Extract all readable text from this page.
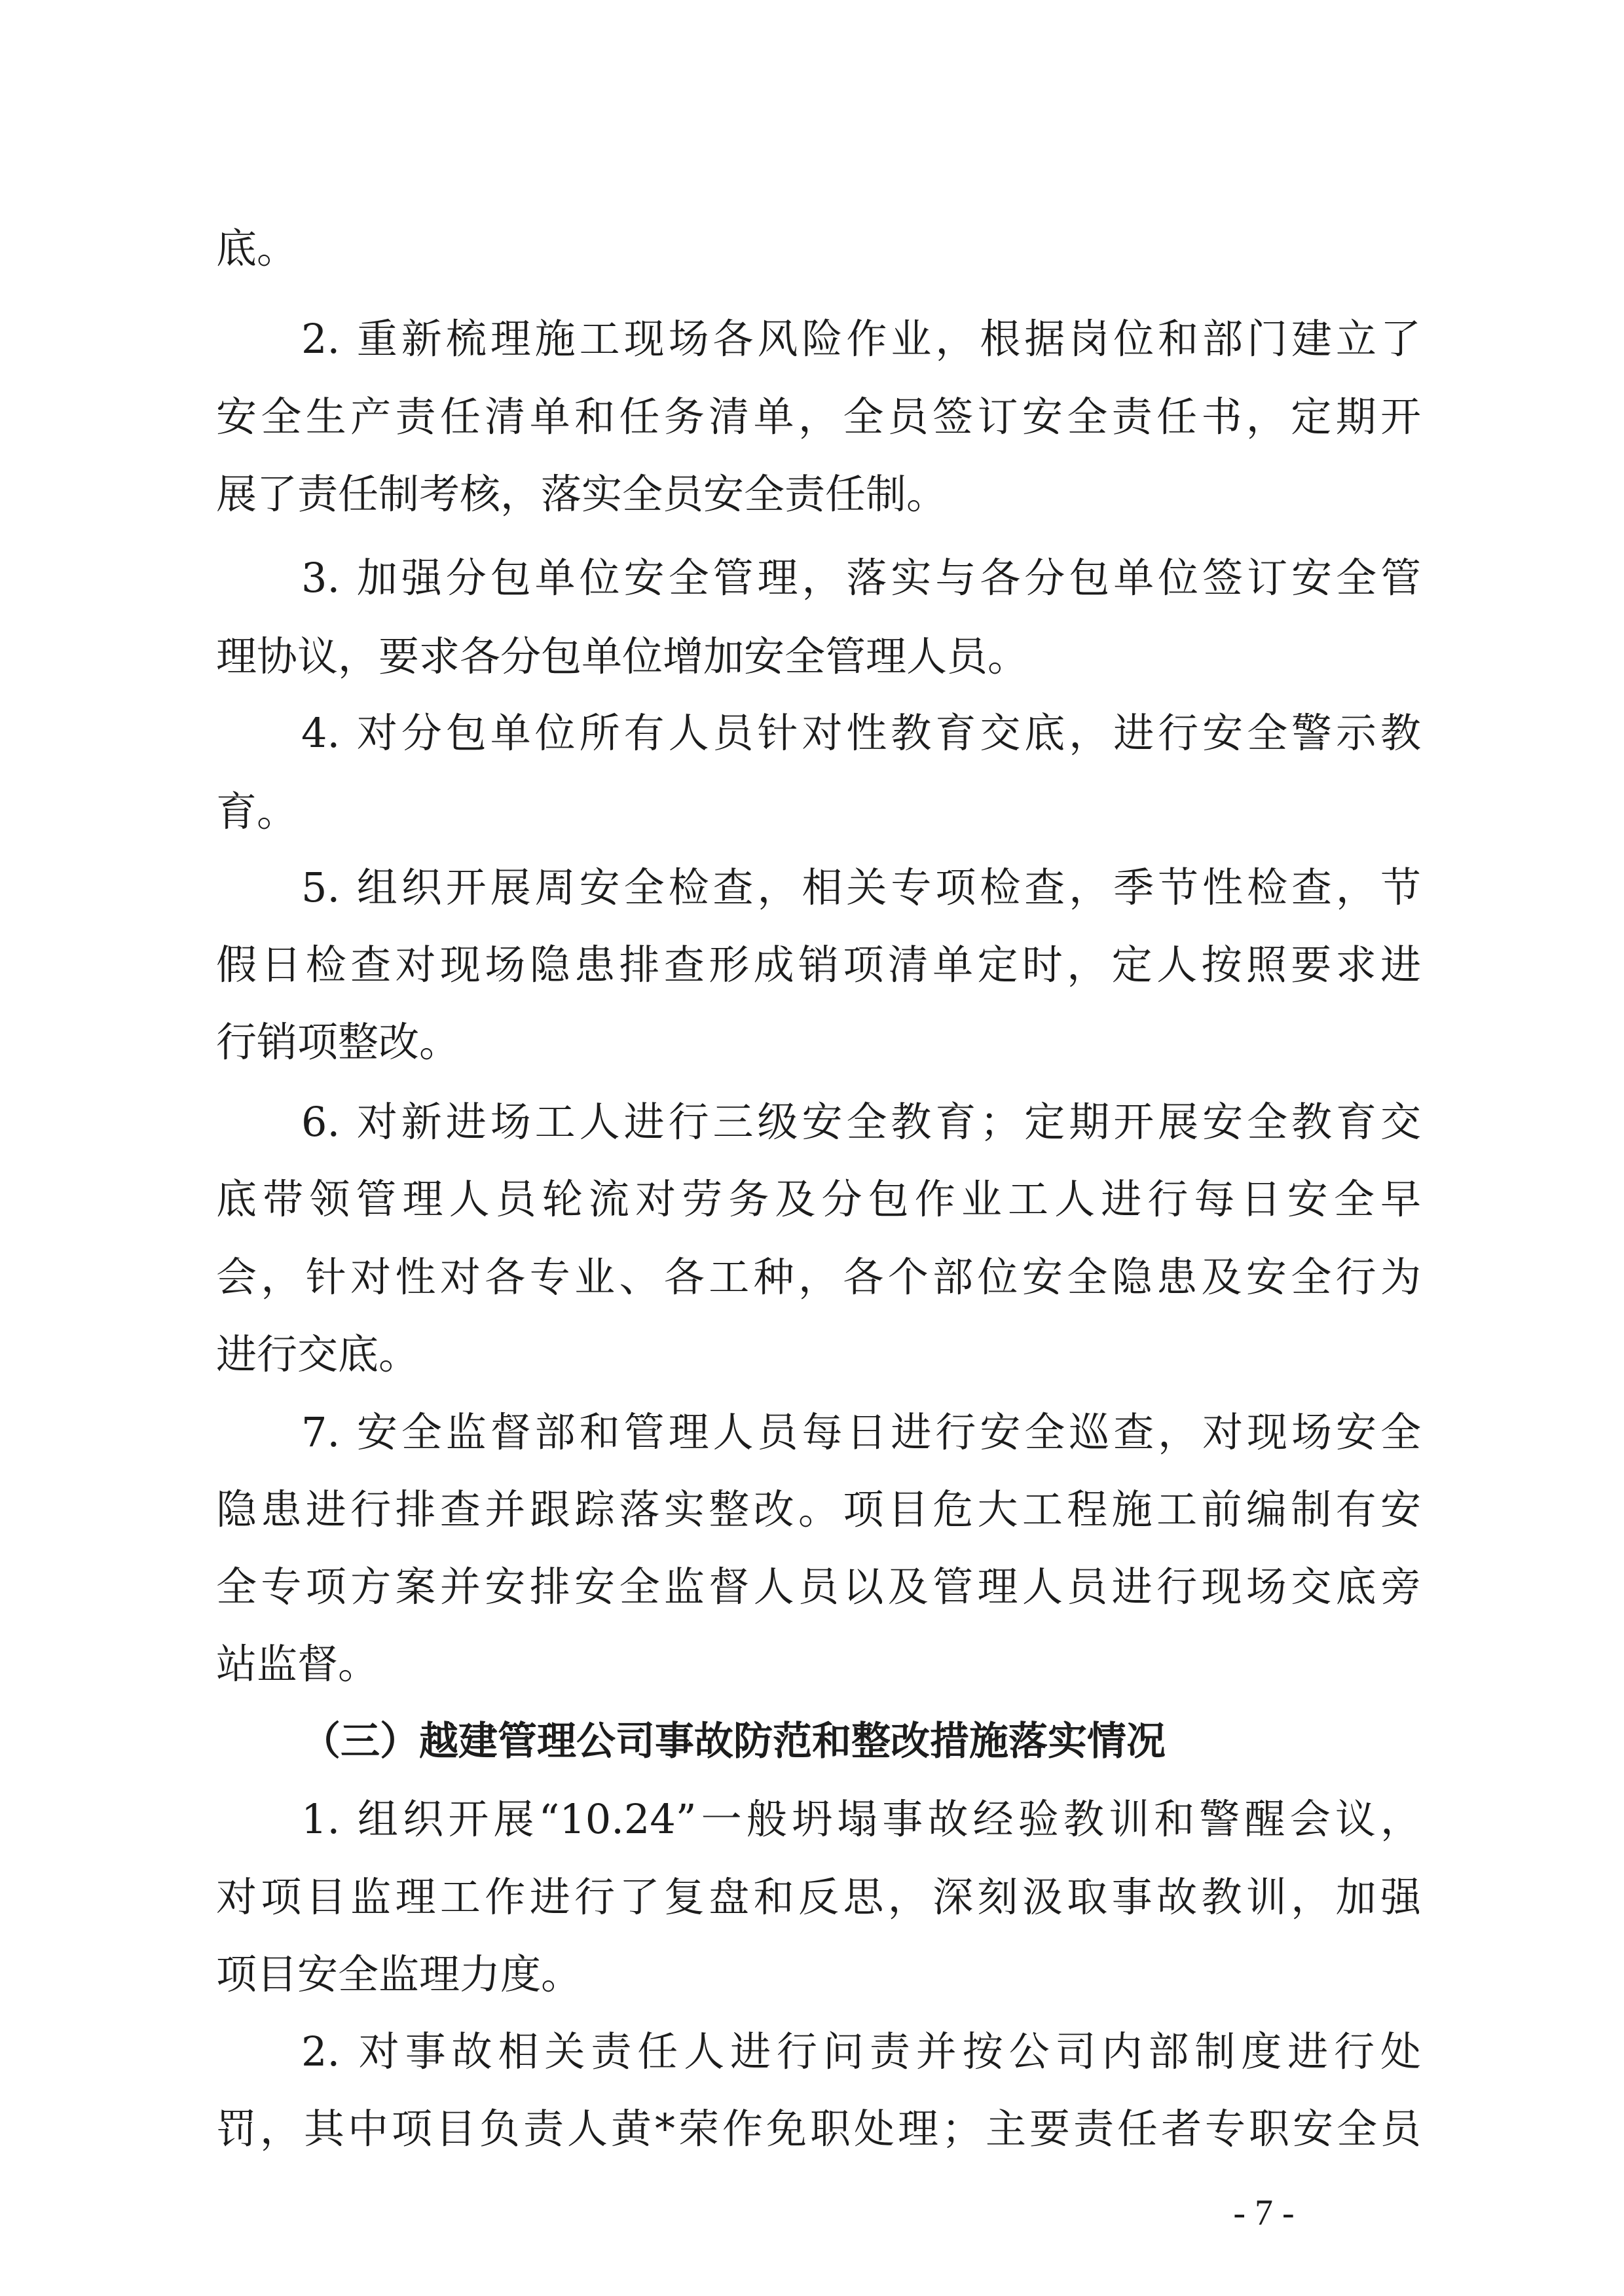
底。
2. 重新梳理施工现场各风险作业，根据岗位和部门建立了
安全生产责任清单和任务清单，全员签订安全责任书，定期开
展了责任制考核，落实全员安全责任制。
3. 加强分包单位安全管理，落实与各分包单位签订安全管
理协议，要求各分包单位增加安全管理人员。
4. 对分包单位所有人员针对性教育交底，进行安全警示教
育。
5. 组织开展周安全检查，相关专项检查，季节性检查，节
假日检查对现场隐患排查形成销项清单定时，定人按照要求进
行销项整改。
6. 对新进场工人进行三级安全教育；定期开展安全教育交
底带领管理人员轮流对劳务及分包作业工人进行每日安全早
会，针对性对各专业、各工种，各个部位安全隐患及安全行为
进行交底。
7. 安全监督部和管理人员每日进行安全巡查，对现场安全
隐患进行排查并跟踪落实整改。项目危大工程施工前编制有安
全专项方案并安排安全监督人员以及管理人员进行现场交底旁
站监督。
（三）越建管理公司事故防范和整改措施落实情况
1. 组织开展“10.24”一般坍塌事故经验教训和警醒会议，
对项目监理工作进行了复盘和反思，深刻汲取事故教训，加强
项目安全监理力度。
2. 对事故相关责任人进行问责并按公司内部制度进行处
罚，其中项目负责人黄*荣作免职处理；主要责任者专职安全员
- 7 -
